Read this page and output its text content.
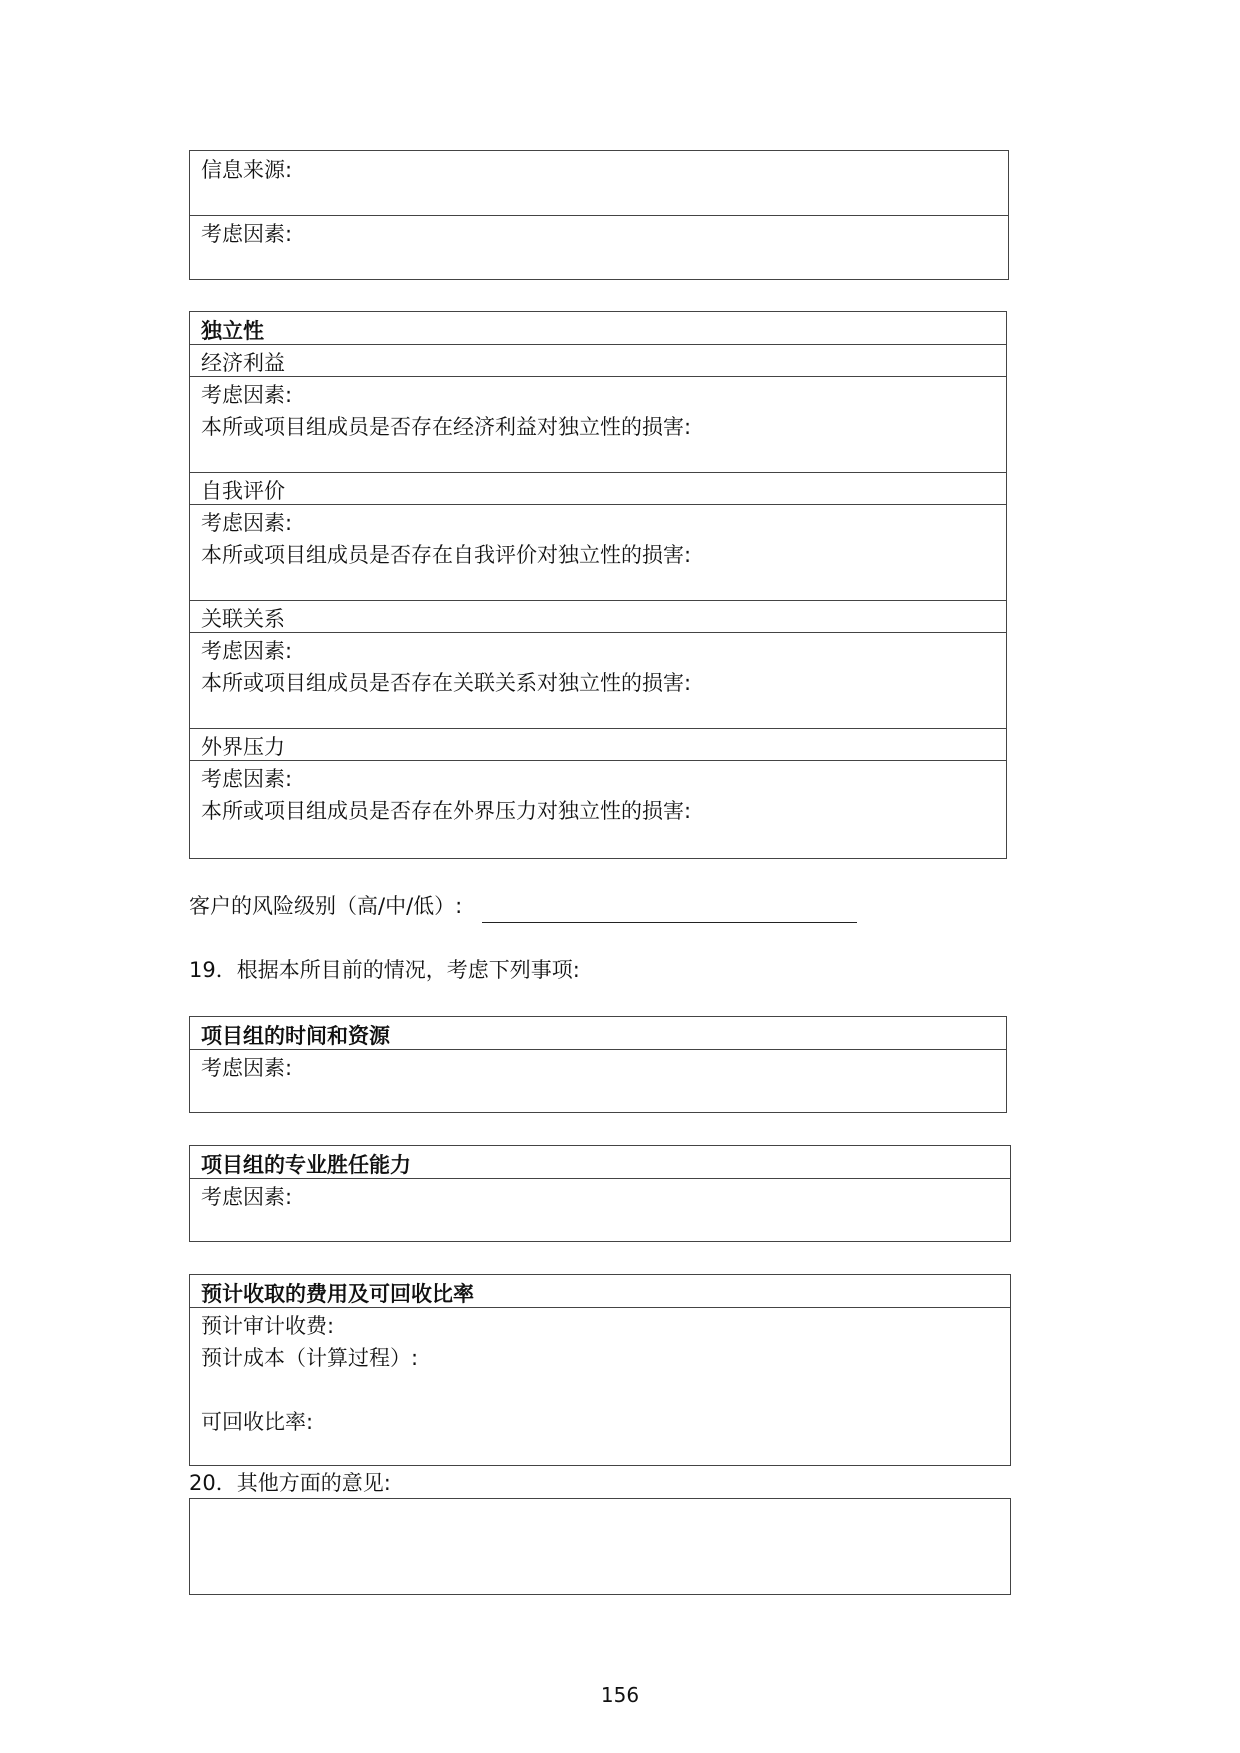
信息来源:
考虑因素:
独立性
经济利益
考虑因素:
本所或项目组成员是否存在经济利益对独立性的损害:
自我评价
考虑因素:
本所或项目组成员是否存在自我评价对独立性的损害:
关联关系
考虑因素:
本所或项目组成员是否存在关联关系对独立性的损害:
外界压力
考虑因素:
本所或项目组成员是否存在外界压力对独立性的损害:
客户的风险级别（高/中/低）:
19．根据本所目前的情况，考虑下列事项:
项目组的时间和资源
考虑因素:
项目组的专业胜任能力
考虑因素:
预计收取的费用及可回收比率
预计审计收费:
预计成本（计算过程）:
可回收比率:
20．其他方面的意见:
156
